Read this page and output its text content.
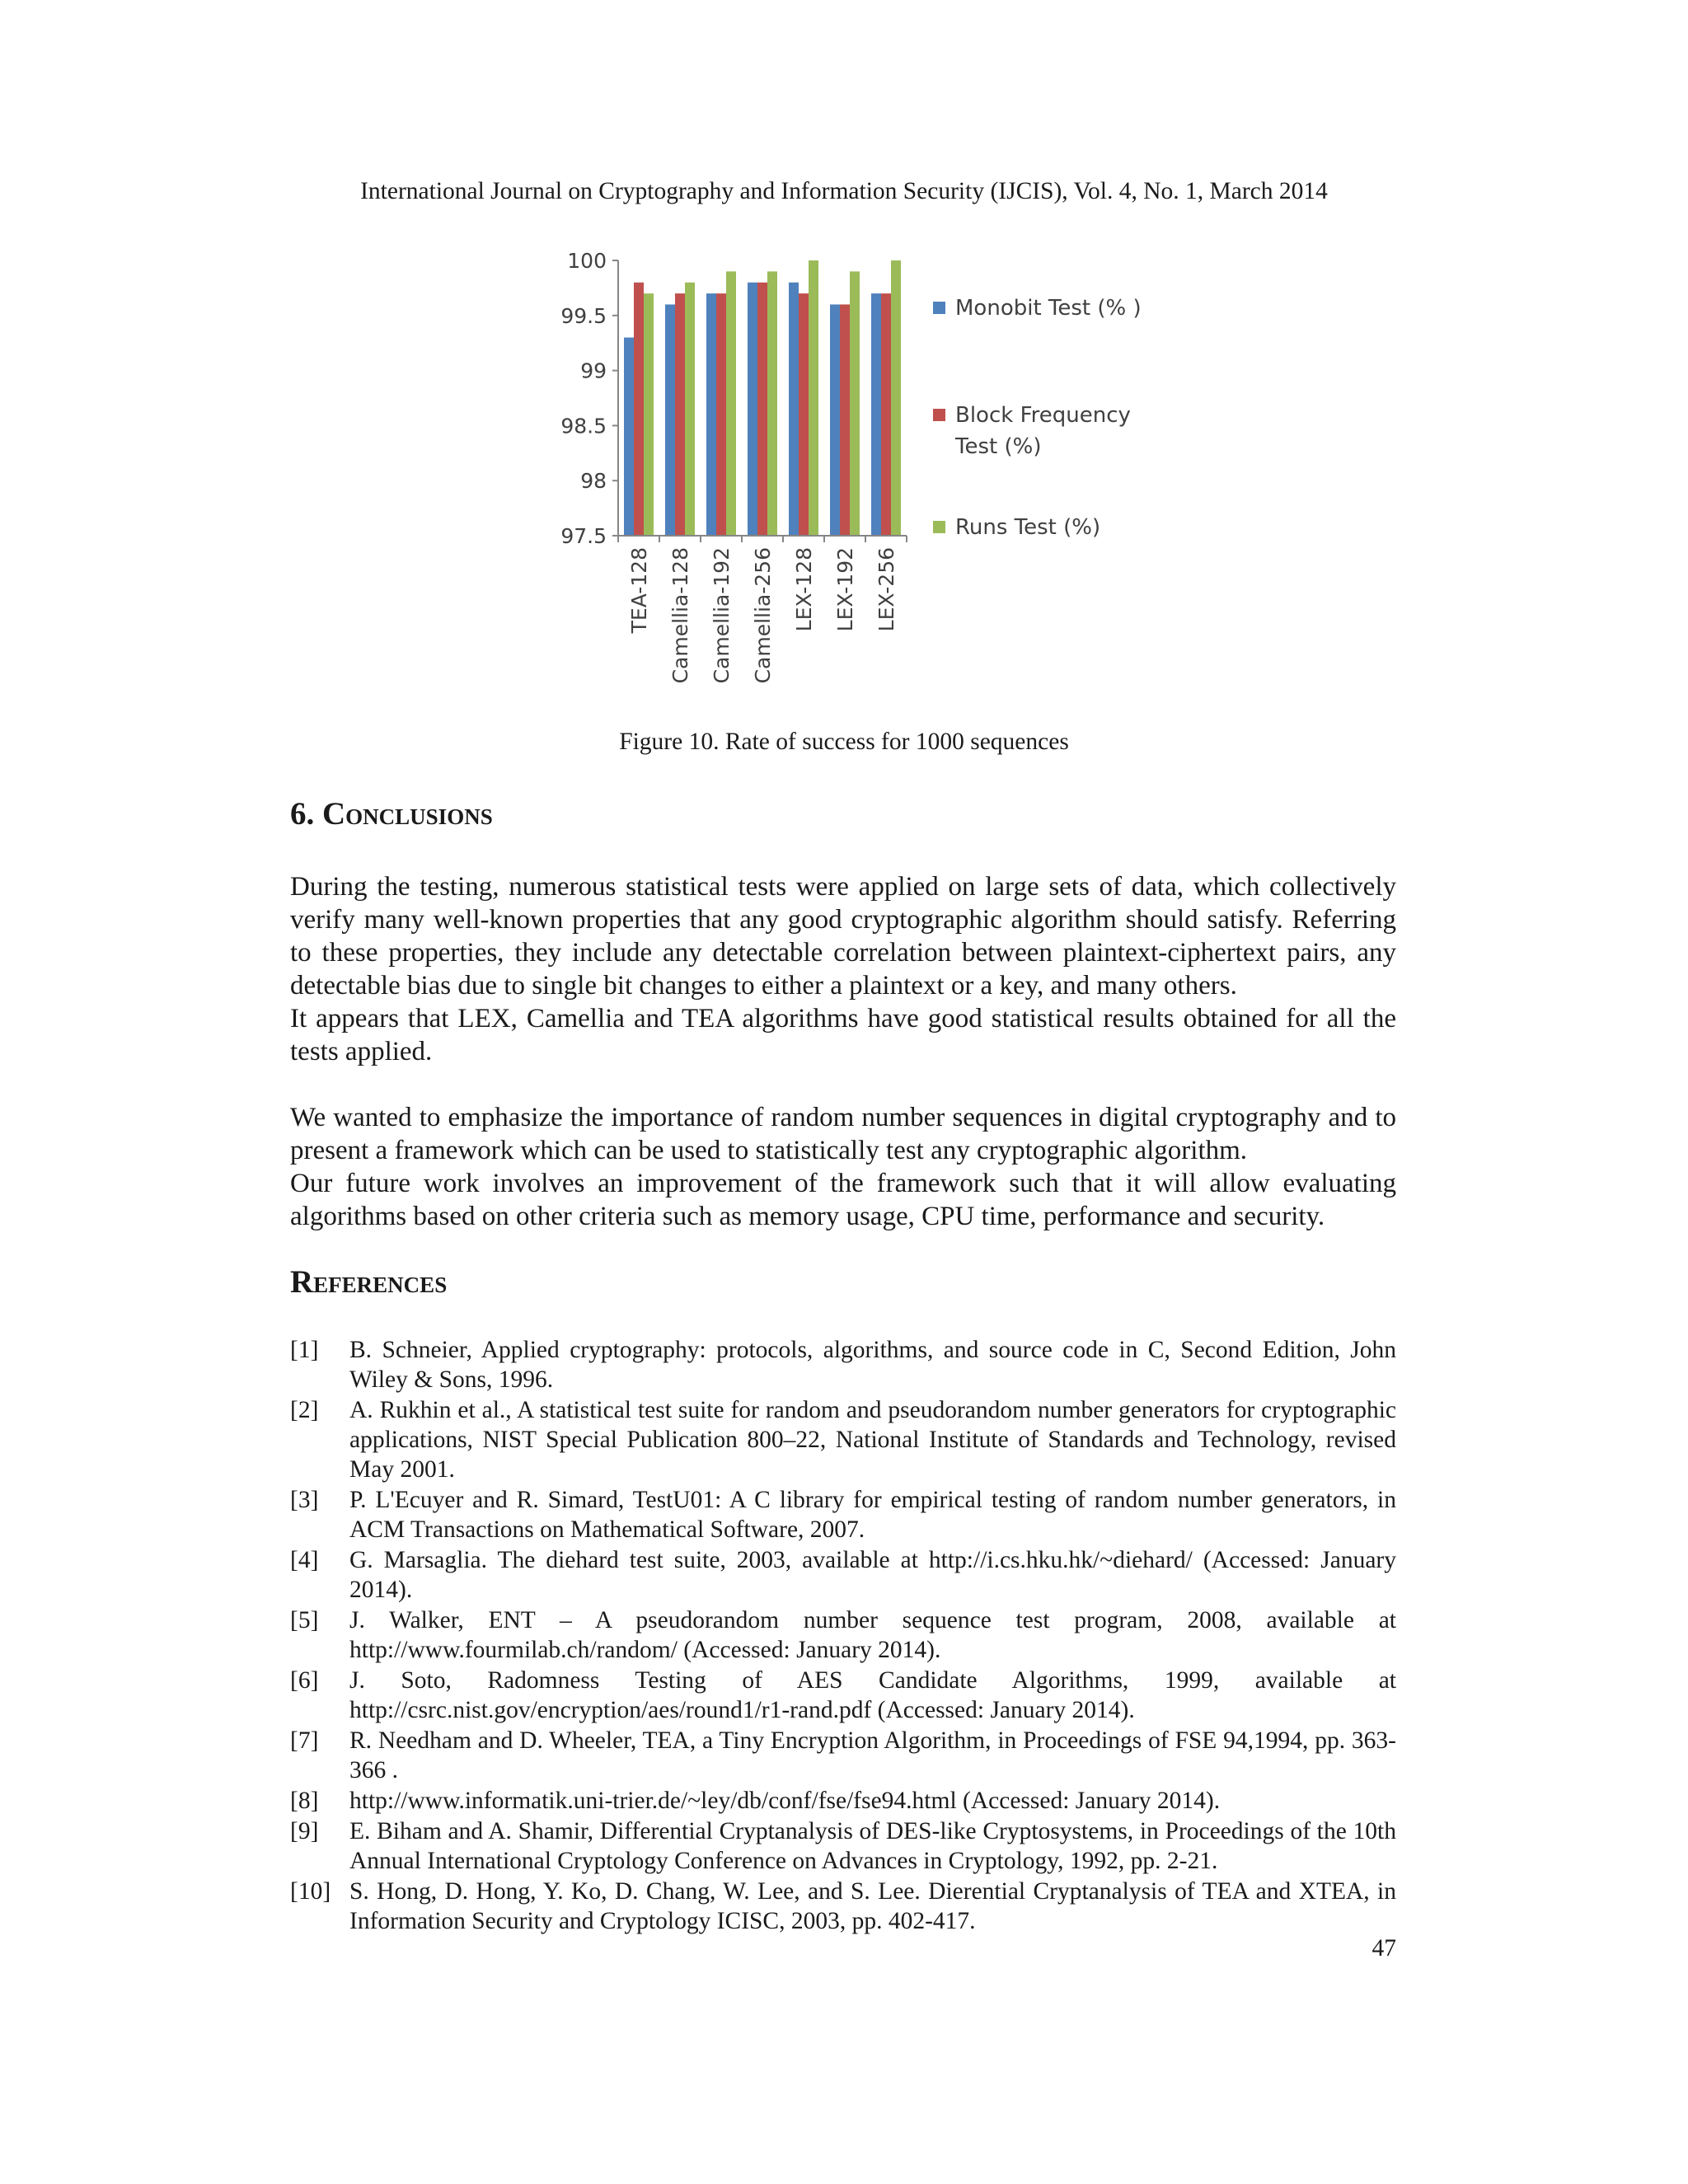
International Journal on Cryptography and Information Security (IJCIS), Vol. 4, No. 1, March 2014
100
99.5
99
98.5
98
97.5
TEA-128 Camellia-128 Camellia-192 Camellia-256 LEX-128 LEX-192 LEX-256
Monobit Test (% )
Block Frequency Test (%)
Runs Test (%)
Figure 10. Rate of success for 1000 sequences
6. Conclusions

During the testing, numerous statistical tests were applied on large sets of data, which collectively verify many well-known properties that any good cryptographic algorithm should satisfy. Referring to these properties, they include any detectable correlation between plaintext-ciphertext pairs, any detectable bias due to single bit changes to either a plaintext or a key, and many others.

It appears that LEX, Camellia and TEA algorithms have good statistical results obtained for all the tests applied.

We wanted to emphasize the importance of random number sequences in digital cryptography and to present a framework which can be used to statistically test any cryptographic algorithm.

Our future work involves an improvement of the framework such that it will allow evaluating algorithms based on other criteria such as memory usage, CPU time, performance and security.

References
[1]	B. Schneier, Applied cryptography: protocols, algorithms, and source code in C, Second Edition, John Wiley & Sons, 1996.
[2]	A. Rukhin et al., A statistical test suite for random and pseudorandom number generators for cryptographic applications, NIST Special Publication 800–22, National Institute of Standards and Technology, revised May 2001.
[3]	P. L'Ecuyer and R. Simard, TestU01: A C library for empirical testing of random number generators, in ACM Transactions on Mathematical Software, 2007.
[4]	G. Marsaglia. The diehard test suite, 2003, available at http://i.cs.hku.hk/~diehard/ (Accessed: January 2014).
[5]	J. Walker, ENT – A pseudorandom number sequence test program, 2008, available at http://www.fourmilab.ch/random/ (Accessed: January 2014).
[6]	J. Soto, Radomness Testing of AES Candidate Algorithms, 1999, available at http://csrc.nist.gov/encryption/aes/round1/r1-rand.pdf (Accessed: January 2014).
[7]	R. Needham and D. Wheeler, TEA, a Tiny Encryption Algorithm, in Proceedings of FSE 94,1994, pp. 363-366 .
[8]	http://www.informatik.uni-trier.de/~ley/db/conf/fse/fse94.html (Accessed: January 2014).
[9]	E. Biham and A. Shamir, Differential Cryptanalysis of DES-like Cryptosystems, in Proceedings of the 10th Annual International Cryptology Conference on Advances in Cryptology, 1992, pp. 2-21.
[10] S. Hong, D. Hong, Y. Ko, D. Chang, W. Lee, and S. Lee. Dierential Cryptanalysis of TEA and XTEA, in Information Security and Cryptology ICISC, 2003, pp. 402-417.
47
